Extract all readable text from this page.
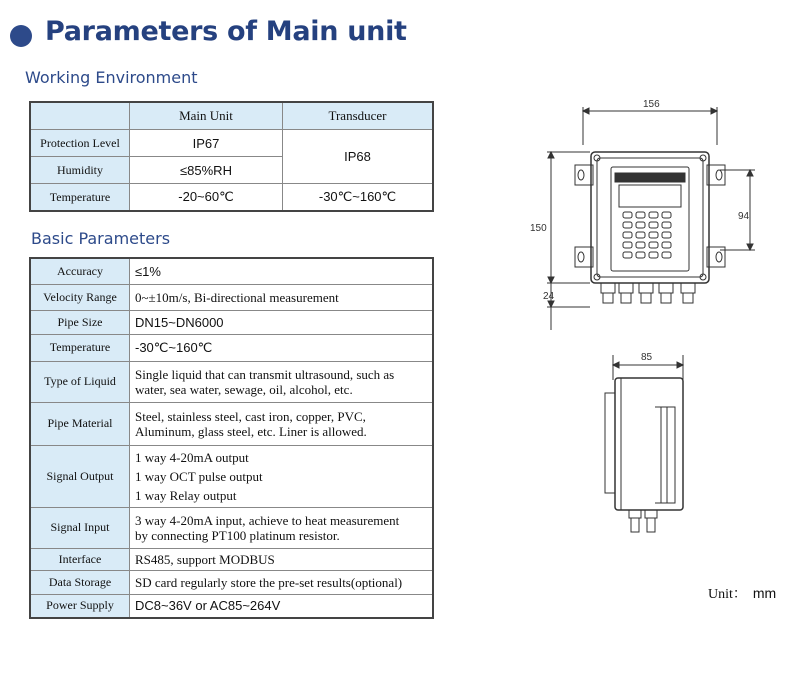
Parameters of Main unit
Working Environment
	Main Unit	Transducer
Protection Level	IP67	IP68
Humidity	≤85%RH	
Temperature	-20~60℃	-30℃~160℃
Basic Parameters
Accuracy	≤1%
Velocity Range	0~±10m/s, Bi-directional measurement
Pipe Size	DN15~DN6000
Temperature	-30℃~160℃
Type of Liquid	Single liquid that can transmit ultrasound, such as
water, sea water, sewage, oil, alcohol, etc.

Pipe Material	Steel, stainless steel, cast iron, copper, PVC,
Aluminum, glass steel, etc. Liner is allowed.

Signal Output	1 way 4-20mA output
1 way OCT pulse output
1 way Relay output

Signal Input	3 way 4-20mA input, achieve to heat measurement
by connecting PT100 platinum resistor.

Interface	RS485, support MODBUS
Data Storage	SD card regularly store the pre-set results(optional)
Power Supply	DC8~36V or AC85~264V
156
150
94
24
85
Unit： mm
